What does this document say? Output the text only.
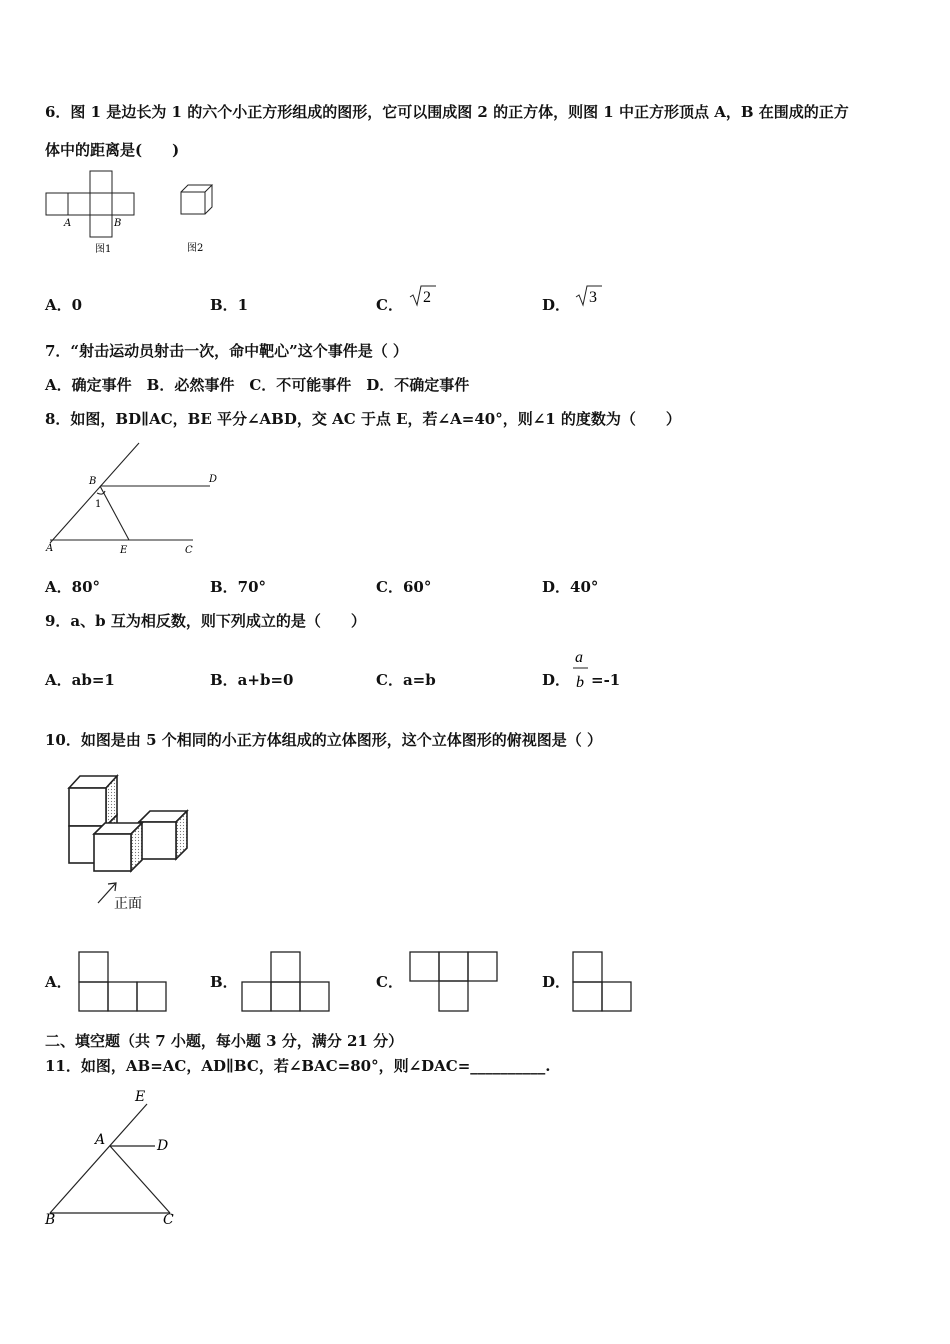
6．图 1 是边长为 1 的六个小正方形组成的图形，它可以围成图 2 的正方体，则图 1 中正方形顶点 A，B 在围成的正方
体中的距离是(　　)
A	B
图1	图2
A．0	B．1	C． 2	D． 3
7．“射击运动员射击一次，命中靶心”这个事件是（ ）
A．确定事件　B．必然事件　C．不可能事件　D．不确定事件
8．如图，BD∥AC，BE 平分∠ABD，交 AC 于点 E，若∠A=40°，则∠1 的度数为（　　）
B	D
A	E	C
1
A．80°	B．70°	C．60°	D．40°
9．a、b 互为相反数，则下列成立的是（　　）
A．ab=1	B．a+b=0	C．a=b	D．
a
b =-1
10．如图是由 5 个相同的小正方体组成的立体图形，这个立体图形的俯视图是（ ）
正面
A．	B．	C．	D．
二、填空题（共 7 小题，每小题 3 分，满分 21 分）
11．如图，AB=AC，AD∥BC，若∠BAC=80°，则∠DAC=__________.
E
A	D
B	C
